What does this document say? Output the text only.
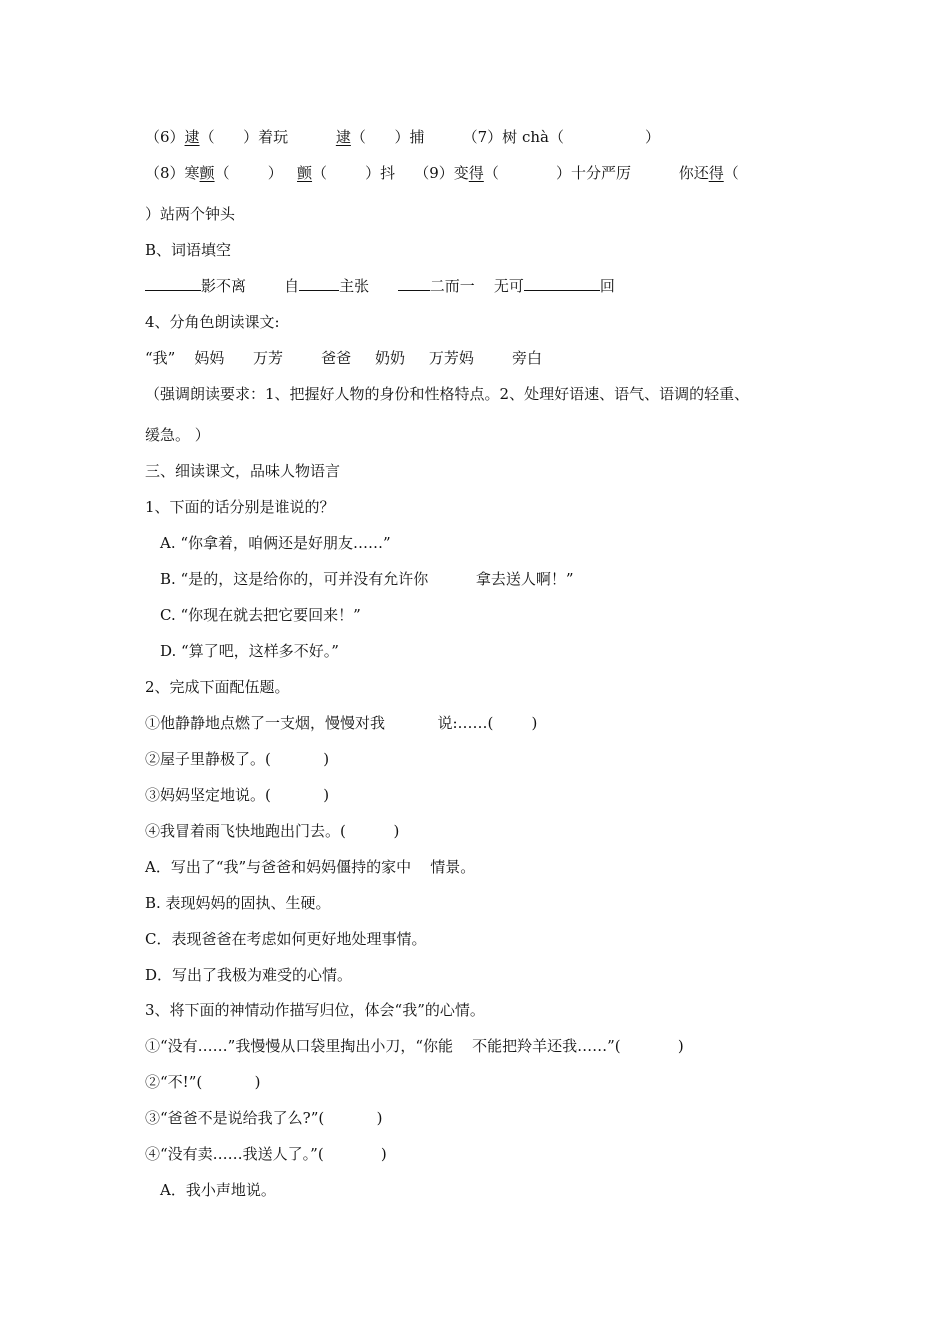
（6）逮（      ）着玩          逮（      ）捕        （7）树 chà（                 ）
（8）寒颤（        ）   颤（        ）抖    （9）变得（            ）十分严厉          你还得（
）站两个钟头
B、词语填空
影不离        自	主张      二而一    无可	回
4、分角色朗读课文:
“我”    妈妈      万芳        爸爸     奶奶     万芳妈        旁白
（强调朗读要求：1、把握好人物的身份和性格特点。2、处理好语速、语气、语调的轻重、
缓急。 ）
三、细读课文，品味人物语言
1、下面的话分别是谁说的？
A. “你拿着，咱俩还是好朋友……”
B. “是的，这是给你的，可并没有允许你          拿去送人啊！”
C. “你现在就去把它要回来！”
D. “算了吧，这样多不好。”
2、完成下面配伍题。
①他静静地点燃了一支烟，慢慢对我           说:……(        )
②屋子里静极了。(           )
③妈妈坚定地说。(           )
④我冒着雨飞快地跑出门去。(          )
A．写出了“我”与爸爸和妈妈僵持的家中    情景。
B. 表现妈妈的固执、生硬。
C．表现爸爸在考虑如何更好地处理事情。
D．写出了我极为难受的心情。
3、将下面的神情动作描写归位，体会“我”的心情。
①“没有……”我慢慢从口袋里掏出小刀，“你能    不能把羚羊还我……”(            )
②“不!”(           )
③“爸爸不是说给我了么?”(           )
④“没有卖……我送人了。”(            )
A．我小声地说。
